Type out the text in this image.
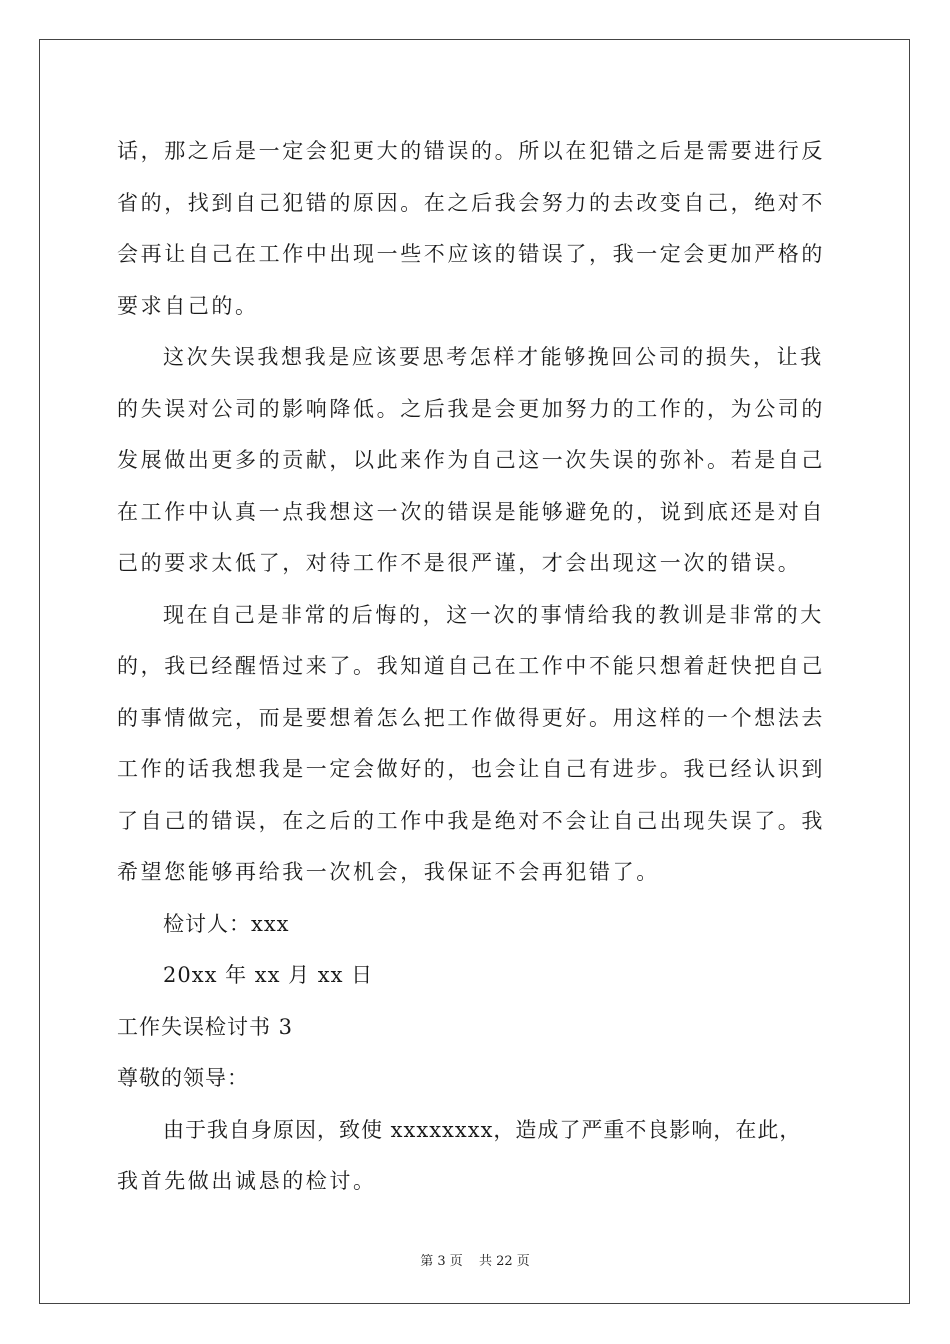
话，那之后是一定会犯更大的错误的。所以在犯错之后是需要进行反
省的，找到自己犯错的原因。在之后我会努力的去改变自己，绝对不
会再让自己在工作中出现一些不应该的错误了，我一定会更加严格的
要求自己的。
这次失误我想我是应该要思考怎样才能够挽回公司的损失，让我
的失误对公司的影响降低。之后我是会更加努力的工作的，为公司的
发展做出更多的贡献，以此来作为自己这一次失误的弥补。若是自己
在工作中认真一点我想这一次的错误是能够避免的，说到底还是对自
己的要求太低了，对待工作不是很严谨，才会出现这一次的错误。
现在自己是非常的后悔的，这一次的事情给我的教训是非常的大
的，我已经醒悟过来了。我知道自己在工作中不能只想着赶快把自己
的事情做完，而是要想着怎么把工作做得更好。用这样的一个想法去
工作的话我想我是一定会做好的，也会让自己有进步。我已经认识到
了自己的错误，在之后的工作中我是绝对不会让自己出现失误了。我
希望您能够再给我一次机会，我保证不会再犯错了。
检讨人：xxx
20xx 年 xx 月 xx 日
工作失误检讨书 3
尊敬的领导：
由于我自身原因，致使 xxxxxxxx，造成了严重不良影响，在此，
我首先做出诚恳的检讨。
第 3 页 共 22 页
